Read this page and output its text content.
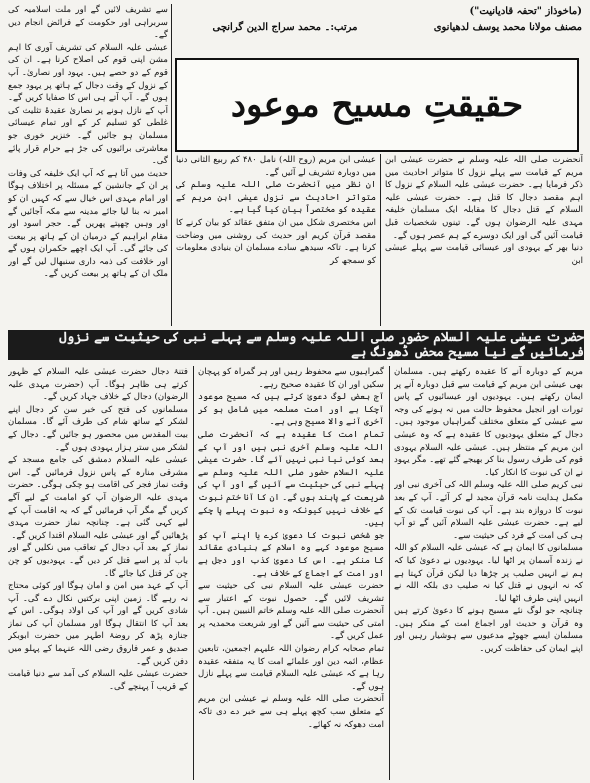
(ماخوذاز "تحفہ قادیانیت")
مصنف مولانا محمد یوسف لدھیانوی
مرتب:۔ محمد سراج الدین گرانچی
حقیقتِ مسیح موعود

سے تشریف لائیں گے اور ملت اسلامیہ کی سربراہی اور حکومت کے فرائض انجام دیں گے۔

عیسٰی علیہ السلام کی تشریف آوری کا اہم مشن اپنی قوم کی اصلاح کرنا ہے۔ ان کی قوم کے دو حصے ہیں۔ یہود اور نصاریٰ۔ آپ کے نزول کے وقت دجال کے ہاتھ پر یہود جمع ہوں گے۔ آپ آتے ہی اس کا صفایا کریں گے۔ آپ کے نازل ہونے پر نصاریٰ عقیدۂ تثلیث کی غلطی کو تسلیم کر کے اور تمام عیسائی مسلمان ہو جائیں گے۔ خنزیر خوری جو معاشرتی برائیوں کی جڑ ہے حرام قرار پائے گی۔

حدیث میں آتا ہے کہ آپ ایک خلیفہ کی وفات پر ان کے جانشین کے مسئلہ پر اختلاف ہوگا اور امام مہدی اس خیال سے کہ کہیں ان کو امیر نہ بنا لیا جائے مدینہ سے مکہ آجائیں گے اور وہیں چھپتے پھریں گے۔ حجر اسود اور مقام ابراہیم کے درمیان ان کے ہاتھ پر بیعت کی جائے گی۔ آپ ایک اچھے حکمران ہوں گے اور خلافت کی ذمہ داری سنبھال لیں گے اور ملک ان کے ہاتھ پر بیعت کریں گے۔

عیسٰی ابن مریم (روح اللہ) نامل ۴۸۰ کم ربیع الثانی دنیا میں دوبارہ تشریف لے آئیں گے۔

ان نظر میں آنحضرت صلی اللہ علیہ وسلم کی متواتر احادیث سے نزول عیسٰی ابن مریم کے عقیدہ کو مختصراً بیان کیا گیا ہے۔

اس مختصری شکل میں ان متفق عقائد کو بیان کرنے کا مقصد قرآن کریم اور حدیث کی روشنی میں وضاحت کرنا ہے۔ تاکہ سیدھے سادے مسلمان ان بنیادی معلومات کو سمجھ کر

آنحضرت صلی اللہ علیہ وسلم نے حضرت عیسٰی ابن مریم کے قیامت سے پہلے نزول کا متواتر احادیث میں ذکر فرمایا ہے۔ حضرت عیسٰی علیہ السلام کے نزول کا اہم مقصد دجال کا قتل ہے۔ حضرت عیسٰی علیہ السلام کے قتل دجال کا مقابلہ ایک مسلمان خلیفہ مہدی علیہ الرضوان ہوں گے۔ تینوں شخصیات قبل قیامت آئیں گی اور ایک دوسرے کے ہم عصر ہوں گے۔

دنیا بھر کے یہودی اور عیسائی قیامت سے پہلے عیسٰی ابن

حضرت عیسٰی علیہ السلام حضور صلی اللہ علیہ وسلم سے پہلے نبی کی حیثیت سے نزول فرمائیں گے نیا مسیح محض ڈھونگ ہے

فتنۂ دجال حضرت عیسٰی علیہ السلام کے ظہور کرتے ہی ظاہر ہوگا۔ آپ (حضرت مہدی علیہ الرضوان) دجال کے خلاف جہاد کریں گے۔

مسلمانوں کی فتح کی خبر سن کر دجال اپنے لشکر کے ساتھ شام کی طرف آئے گا۔ مسلمان بیت المقدس میں محصور ہو جائیں گے۔ دجال کے لشکر میں ستر ہزار یہودی ہوں گے۔

عیسٰی علیہ السلام دمشق کی جامع مسجد کے مشرقی منارہ کے پاس نزول فرمائیں گے۔ اس وقت نماز فجر کی اقامت ہو چکی ہوگی۔ حضرت مہدی علیہ الرضوان آپ کو امامت کے لیے آگے کریں گے مگر آپ فرمائیں گے کہ یہ اقامت آپ کے لیے کہی گئی ہے۔ چنانچہ نماز حضرت مہدی پڑھائیں گے اور عیسٰی علیہ السلام اقتدا کریں گے۔

نماز کے بعد آپ دجال کے تعاقب میں نکلیں گے اور باب لُد پر اسے قتل کر دیں گے۔ یہودیوں کو چن چن کر قتل کیا جائے گا۔

آپ کے عہد میں امن و امان ہوگا اور کوئی محتاج نہ رہے گا۔ زمین اپنی برکتیں نکال دے گی۔ آپ شادی کریں گے اور آپ کی اولاد ہوگی۔ اس کے بعد آپ کا انتقال ہوگا اور مسلمان آپ کی نماز جنازہ پڑھ کر روضۂ اطہر میں حضرت ابوبکر صدیق و عمر فاروق رضی اللہ عنہما کے پہلو میں دفن کریں گے۔

حضرت عیسٰی علیہ السلام کی آمد سے دنیا قیامت کے قریب آ پہنچے گی۔

گمراہیوں سے محفوظ رہیں اور ہر گمراہ کو پہچان سکیں اور ان کا عقیدہ صحیح رہے۔

آج بعض لوگ دعویٰ کرتے ہیں کہ مسیح موعود آچکا ہے اور امت مسلمہ میں شامل ہو کر آخری آنے والا مسیح وہی ہے۔

تمام امت کا عقیدہ ہے کہ آنحضرت صلی اللہ علیہ وسلم آخری نبی ہیں اور آپ کے بعد کوئی نیا نبی نہیں آئے گا۔ حضرت عیسٰی علیہ السلام حضور صلی اللہ علیہ وسلم سے پہلے نبی کی حیثیت سے آئیں گے اور آپ کی شریعت کے پابند ہوں گے۔ ان کا آنا ختم نبوت کے خلاف نہیں کیونکہ وہ نبوت پہلے پا چکے ہیں۔

جو شخص نبوت کا دعویٰ کرے یا اپنے آپ کو مسیح موعود کہے وہ اسلام کے بنیادی عقائد کا منکر ہے۔ اس کا دعویٰ کذب اور دجل ہے اور امت کے اجماع کے خلاف ہے۔

حضرت عیسٰی علیہ السلام نبی کی حیثیت سے تشریف لائیں گے۔ حصول نبوت کے اعتبار سے آنحضرت صلی اللہ علیہ وسلم خاتم النبیین ہیں۔ آپ امتی کی حیثیت سے آئیں گے اور شریعت محمدیہ پر عمل کریں گے۔

تمام صحابہ کرام رضوان اللہ علیہم اجمعین، تابعین عظام، ائمہ دین اور علمائے امت کا یہ متفقہ عقیدہ رہا ہے کہ عیسٰی علیہ السلام قیامت سے پہلے نازل ہوں گے۔

آنحضرت صلی اللہ علیہ وسلم نے عیسٰی ابن مریم کے متعلق سب کچھ پہلے ہی سے خبر دے دی تاکہ امت دھوکہ نہ کھائے۔

مریم کے دوبارہ آنے کا عقیدہ رکھتے ہیں۔ مسلمان بھی عیسٰی ابن مریم کے قیامت سے قبل دوبارہ آنے پر ایمان رکھتے ہیں۔ یہودیوں اور عیسائیوں کے پاس تورات اور انجیل محفوظ حالت میں نہ ہونے کی وجہ سے عیسٰی کے متعلق مختلف گمراہیاں موجود ہیں۔ دجال کے متعلق یہودیوں کا عقیدہ ہے کہ وہ عیسٰی ابن مریم کے منتظر ہیں۔ عیسٰی علیہ السلام یہودی قوم کی طرف رسول بنا کر بھیجے گئے تھے۔ مگر یہود نے ان کی نبوت کا انکار کیا۔

نبی کریم صلی اللہ علیہ وسلم اللہ کی آخری نبی اور مکمل ہدایت نامہ قرآن مجید لے کر آئے۔ آپ کے بعد نبوت کا دروازہ بند ہے۔ آپ کی نبوت قیامت تک کے لیے ہے۔ حضرت عیسٰی علیہ السلام آئیں گے تو آپ ہی کی امت کے فرد کی حیثیت سے۔

مسلمانوں کا ایمان ہے کہ عیسٰی علیہ السلام کو اللہ نے زندہ آسمان پر اٹھا لیا۔ یہودیوں نے دعویٰ کیا کہ ہم نے انہیں صلیب پر چڑھا دیا لیکن قرآن کہتا ہے کہ نہ انہوں نے قتل کیا نہ صلیب دی بلکہ اللہ نے انہیں اپنی طرف اٹھا لیا۔

چنانچہ جو لوگ نئے مسیح ہونے کا دعویٰ کرتے ہیں وہ قرآن و حدیث اور اجماع امت کے منکر ہیں۔ مسلمان ایسے جھوٹے مدعیوں سے ہوشیار رہیں اور اپنے ایمان کی حفاظت کریں۔
